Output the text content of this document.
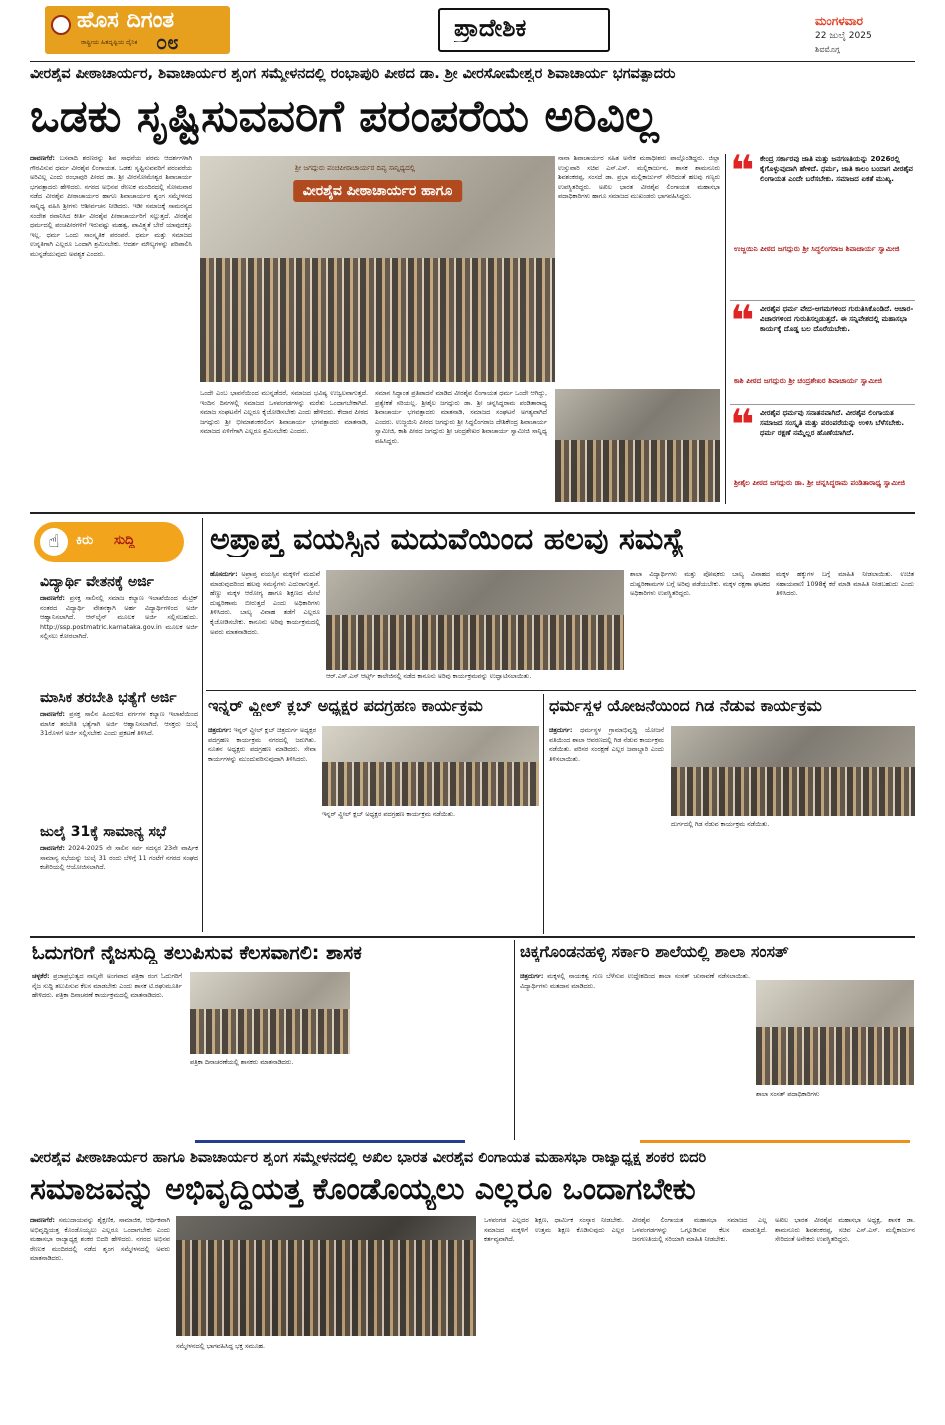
ಹೊಸ ದಿಗಂತ
ರಾಷ್ಟ್ರೀಯ ಹಿತದೃಷ್ಟಿಯ ದೈನಿಕ ೦೮	ಪ್ರಾದೇಶಿಕ	ಮಂಗಳವಾರ
22 ಜುಲೈ 2025
ಶಿವಮೊಗ್ಗ
ವೀರಶೈವ ಪೀಠಾಚಾರ್ಯರ, ಶಿವಾಚಾರ್ಯರ ಶೃಂಗ ಸಮ್ಮೇಳನದಲ್ಲಿ ರಂಭಾಪುರಿ ಪೀಠದ ಡಾ. ಶ್ರೀ ವೀರಸೋಮೇಶ್ವರ ಶಿವಾಚಾರ್ಯ ಭಗವತ್ಪಾದರು
ಒಡಕು ಸೃಷ್ಟಿಸುವವರಿಗೆ ಪರಂಪರೆಯ ಅರಿವಿಲ್ಲ
ದಾವಣಗೆರೆ: ಬಸವಾದಿ ಶರಣರನ್ನು ಶಿವ ಸಾಧನೆಯ ಪರಮ ಆದರ್ಶಗಳಾಗಿ ಗೌರವಿಸುವ ಧರ್ಮ ವೀರಶೈವ ಲಿಂಗಾಯತ. ಒಡಕು ಸೃಷ್ಟಿಸುವವರಿಗೆ ಪರಂಪರೆಯ ಅರಿವಿಲ್ಲ ಎಂದು ರಂಭಾಪುರಿ ಪೀಠದ ಡಾ. ಶ್ರೀ ವೀರಸೋಮೇಶ್ವರ ಶಿವಾಚಾರ್ಯ ಭಗವತ್ಪಾದರು ಹೇಳಿದರು. ನಗರದ ಅಭಿನವ ರೇಣುಕ ಮಂದಿರದಲ್ಲಿ ಸೋಮವಾರ ನಡೆದ ವೀರಶೈವ ಪೀಠಾಚಾರ್ಯರ ಹಾಗೂ ಶಿವಾಚಾರ್ಯರ ಶೃಂಗ ಸಮ್ಮೇಳನದ ಸಾನ್ನಿಧ್ಯ ವಹಿಸಿ ಶ್ರೀಗಳು ಆಶೀರ್ವಚನ ನೀಡಿದರು. ಇಡೀ ಸಮಾಜಕ್ಕೆ ಸಾಮರಸ್ಯದ ಸಂದೇಶ ರವಾನಿಸಿದ ಕೀರ್ತಿ ವೀರಶೈವ ಪೀಠಾಚಾರ್ಯರಿಗೆ ಸಲ್ಲುತ್ತದೆ. ವೀರಶೈವ ಧರ್ಮದಲ್ಲಿ ಪಂಚಪೀಠಗಳಿಗೆ ಇರುವಷ್ಟು ಮಹತ್ವ, ಪಾವಿತ್ರ್ಯತೆ ಬೇರೆ ಯಾವುದಕ್ಕೂ ಇಲ್ಲ. ಧರ್ಮ ಒಂದು ಸಾಂಸ್ಕೃತಿಕ ಪರಂಪರೆ. ಧರ್ಮ ಮತ್ತು ಸಮಾಜದ ಉನ್ನತಿಗಾಗಿ ಎಲ್ಲರೂ ಒಂದಾಗಿ ಶ್ರಮಿಸಬೇಕು. ಆದರ್ಶ ಮೌಲ್ಯಗಳನ್ನು ಪರಿಪಾಲಿಸಿ ಮುನ್ನಡೆಯುವುದು ಅವಶ್ಯಕ ಎಂದರು.
ಶ್ರೀ ಜಗದ್ಗುರು ಪಂಚಪೀಠಾಚಾರ್ಯರ ದಿವ್ಯ ಸಾನ್ನಿಧ್ಯದಲ್ಲಿ
ವೀರಶೈವ ಪೀಠಾಚಾರ್ಯರ ಹಾಗೂ
ಒಂದೇ ಎಂಬ ಭಾವನೆಯಿಂದ ಮುನ್ನಡೆದರೆ, ಸಮಾಜದ ಭವಿಷ್ಯ ಉಜ್ವಲವಾಗುತ್ತದೆ. ಇಂದಿನ ದಿನಗಳಲ್ಲಿ ಸಮಾಜದ ಒಳಪಂಗಡಗಳನ್ನು ಮರೆತು ಒಂದಾಗಬೇಕಾಗಿದೆ. ಸಮಾಜ ಸಂಘಟನೆಗೆ ಎಲ್ಲರೂ ಕೈಜೋಡಿಸಬೇಕು ಎಂದು ಹೇಳಿದರು. ಕೇದಾರ ಪೀಠದ ಜಗದ್ಗುರು ಶ್ರೀ ಭೀಮಾಶಂಕರಲಿಂಗ ಶಿವಾಚಾರ್ಯ ಭಗವತ್ಪಾದರು ಮಾತನಾಡಿ, ಸಮಾಜದ ಏಳಿಗೆಗಾಗಿ ಎಲ್ಲರೂ ಶ್ರಮಿಸಬೇಕು ಎಂದರು.
ಸಮಾನ ಸಿದ್ಧಾಂತ ಪ್ರತಿಪಾದನೆ ಮಾಡಿದ ವೀರಶೈವ ಲಿಂಗಾಯತ ಧರ್ಮ ಒಂದೇ ಆಗಿದ್ದು, ಪ್ರತ್ಯೇಕತೆ ಸರಿಯಲ್ಲ. ಶ್ರೀಶೈಲ ಜಗದ್ಗುರು ಡಾ. ಶ್ರೀ ಚನ್ನಸಿದ್ಧರಾಮ ಪಂಡಿತಾರಾಧ್ಯ ಶಿವಾಚಾರ್ಯ ಭಗವತ್ಪಾದರು ಮಾತನಾಡಿ, ಸಮಾಜದ ಸಂಘಟನೆ ಅಗತ್ಯವಾಗಿದೆ ಎಂದರು. ಉಜ್ಜಯಿನಿ ಪೀಠದ ಜಗದ್ಗುರು ಶ್ರೀ ಸಿದ್ಧಲಿಂಗರಾಜ ದೇಶಿಕೇಂದ್ರ ಶಿವಾಚಾರ್ಯ ಸ್ವಾಮೀಜಿ, ಕಾಶಿ ಪೀಠದ ಜಗದ್ಗುರು ಶ್ರೀ ಚಂದ್ರಶೇಖರ ಶಿವಾಚಾರ್ಯ ಸ್ವಾಮೀಜಿ ಸಾನ್ನಿಧ್ಯ ವಹಿಸಿದ್ದರು.
ನಾನಾ ಶಿವಾಚಾರ್ಯರ ಸಹಿತ ಅನೇಕ ಮಠಾಧೀಶರು ಪಾಲ್ಗೊಂಡಿದ್ದರು. ಜಿಲ್ಲಾ ಉಸ್ತುವಾರಿ ಸಚಿವ ಎಸ್.ಎಸ್. ಮಲ್ಲಿಕಾರ್ಜುನ, ಶಾಸಕ ಶಾಮನೂರು ಶಿವಶಂಕರಪ್ಪ, ಸಂಸದೆ ಡಾ. ಪ್ರಭಾ ಮಲ್ಲಿಕಾರ್ಜುನ್ ಸೇರಿದಂತೆ ಹಲವು ಗಣ್ಯರು ಉಪಸ್ಥಿತರಿದ್ದರು. ಅಖಿಲ ಭಾರತ ವೀರಶೈವ ಲಿಂಗಾಯತ ಮಹಾಸಭಾ ಪದಾಧಿಕಾರಿಗಳು ಹಾಗೂ ಸಮಾಜದ ಮುಖಂಡರು ಭಾಗವಹಿಸಿದ್ದರು.
❝ ಕೇಂದ್ರ ಸರ್ಕಾರವು ಜಾತಿ ಮತ್ತು ಜನಗಣತಿಯನ್ನು 2026ರಲ್ಲಿ ಕೈಗೊಳ್ಳುವುದಾಗಿ ಹೇಳಿದೆ. ಧರ್ಮ, ಜಾತಿ ಕಾಲಂ ಬಂದಾಗ ವೀರಶೈವ ಲಿಂಗಾಯತ ಎಂದೇ ಬರೆಸಬೇಕು. ಸಮಾಜದ ಏಕತೆ ಮುಖ್ಯ.
ಉಜ್ಜಯಿನಿ ಪೀಠದ ಜಗದ್ಗುರು ಶ್ರೀ ಸಿದ್ಧಲಿಂಗರಾಜ ಶಿವಾಚಾರ್ಯ ಸ್ವಾಮೀಜಿ
❝ ವೀರಶೈವ ಧರ್ಮ ವೇದ-ಆಗಮಗಳಿಂದ ಗುರುತಿಸಿಕೊಂಡಿದೆ. ಆಚಾರ-ವಿಚಾರಗಳಿಂದ ಗುರುತಿಸಲ್ಪಡುತ್ತದೆ. ಈ ಸನ್ನಿವೇಶದಲ್ಲಿ ಮಹಾಸಭಾ ಕಾರ್ಯಕ್ಕೆ ದೊಡ್ಡ ಬಲ ದೊರೆಯಬೇಕು.
ಕಾಶಿ ಪೀಠದ ಜಗದ್ಗುರು ಶ್ರೀ ಚಂದ್ರಶೇಖರ ಶಿವಾಚಾರ್ಯ ಸ್ವಾಮೀಜಿ
❝ ವೀರಶೈವ ಧರ್ಮವು ಸನಾತನವಾಗಿದೆ. ವೀರಶೈವ ಲಿಂಗಾಯತ ಸಮಾಜದ ಸಂಸ್ಕೃತಿ ಮತ್ತು ಪರಂಪರೆಯನ್ನು ಉಳಿಸಿ ಬೆಳೆಸಬೇಕು. ಧರ್ಮ ರಕ್ಷಣೆ ನಮ್ಮೆಲ್ಲರ ಹೊಣೆಯಾಗಿದೆ.
ಶ್ರೀಶೈಲ ಪೀಠದ ಜಗದ್ಗುರು ಡಾ. ಶ್ರೀ ಚನ್ನಸಿದ್ಧರಾಮ ಪಂಡಿತಾರಾಧ್ಯ ಸ್ವಾಮೀಜಿ
☝	ಕಿರು ಸುದ್ದಿ
ವಿದ್ಯಾರ್ಥಿ ವೇತನಕ್ಕೆ ಅರ್ಜಿ
ದಾವಣಗೆರೆ: ಪ್ರಸಕ್ತ ಸಾಲಿನಲ್ಲಿ ಸಮಾಜ ಕಲ್ಯಾಣ ಇಲಾಖೆಯಿಂದ ಮೆಟ್ರಿಕ್ ನಂತರದ ವಿದ್ಯಾರ್ಥಿ ವೇತನಕ್ಕಾಗಿ ಅರ್ಹ ವಿದ್ಯಾರ್ಥಿಗಳಿಂದ ಅರ್ಜಿ ಆಹ್ವಾನಿಸಲಾಗಿದೆ. ಆನ್‌ಲೈನ್ ಮೂಲಕ ಅರ್ಜಿ ಸಲ್ಲಿಸಬಹುದು. http://ssp.postmatric.karnataka.gov.in ಮೂಲಕ ಅರ್ಜಿ ಸಲ್ಲಿಸಲು ಕೋರಲಾಗಿದೆ.
ಮಾಸಿಕ ತರಬೇತಿ ಭತ್ಯೆಗೆ ಅರ್ಜಿ
ದಾವಣಗೆರೆ: ಪ್ರಸಕ್ತ ಸಾಲಿನ ಹಿಂದುಳಿದ ವರ್ಗಗಳ ಕಲ್ಯಾಣ ಇಲಾಖೆಯಿಂದ ಮಾಸಿಕ ತರಬೇತಿ ಭತ್ಯೆಗಾಗಿ ಅರ್ಜಿ ಆಹ್ವಾನಿಸಲಾಗಿದೆ. ಆಸಕ್ತರು ಜುಲೈ 31ರೊಳಗೆ ಅರ್ಜಿ ಸಲ್ಲಿಸಬೇಕು ಎಂದು ಪ್ರಕಟಣೆ ತಿಳಿಸಿದೆ.
ಜುಲೈ 31ಕ್ಕೆ ಸಾಮಾನ್ಯ ಸಭೆ
ದಾವಣಗೆರೆ: 2024-2025 ನೇ ಸಾಲಿನ ಸರ್ವ ಸದಸ್ಯರ 23ನೇ ವಾರ್ಷಿಕ ಸಾಮಾನ್ಯ ಸಭೆಯನ್ನು ಜುಲೈ 31 ರಂದು ಬೆಳಿಗ್ಗೆ 11 ಗಂಟೆಗೆ ನಗರದ ಸಂಘದ ಕಚೇರಿಯಲ್ಲಿ ಆಯೋಜಿಸಲಾಗಿದೆ.
ಅಪ್ರಾಪ್ತ ವಯಸ್ಸಿನ ಮದುವೆಯಿಂದ ಹಲವು ಸಮಸ್ಯೆ
ಹೊಸದುರ್ಗ: ಅಪ್ರಾಪ್ತ ವಯಸ್ಸಿನ ಮಕ್ಕಳಿಗೆ ಮದುವೆ ಮಾಡುವುದರಿಂದ ಹಲವು ಸಮಸ್ಯೆಗಳು ಎದುರಾಗುತ್ತವೆ. ಹೆಣ್ಣು ಮಕ್ಕಳ ಆರೋಗ್ಯ ಹಾಗೂ ಶಿಕ್ಷಣದ ಮೇಲೆ ದುಷ್ಪರಿಣಾಮ ಬೀರುತ್ತದೆ ಎಂದು ಅಧಿಕಾರಿಗಳು ತಿಳಿಸಿದರು. ಬಾಲ್ಯ ವಿವಾಹ ತಡೆಗೆ ಎಲ್ಲರೂ ಕೈಜೋಡಿಸಬೇಕು. ಕಾನೂನು ಅರಿವು ಕಾರ್ಯಕ್ರಮದಲ್ಲಿ ಅವರು ಮಾತನಾಡಿದರು.
ಆರ್.ಎಸ್.ಎಸ್ ಆರ್ಟ್ಸ್ ಕಾಲೇಜಿನಲ್ಲಿ ನಡೆದ ಕಾನೂನು ಅರಿವು ಕಾರ್ಯಕ್ರಮವನ್ನು ಉದ್ಘಾಟಿಸಲಾಯಿತು.
ಶಾಲಾ ವಿದ್ಯಾರ್ಥಿಗಳು ಮತ್ತು ಪೋಷಕರು ಬಾಲ್ಯ ವಿವಾಹದ ದುಷ್ಪರಿಣಾಮಗಳ ಬಗ್ಗೆ ಅರಿವು ಪಡೆಯಬೇಕು. ಮಕ್ಕಳ ರಕ್ಷಣಾ ಘಟಕದ ಅಧಿಕಾರಿಗಳು ಉಪಸ್ಥಿತರಿದ್ದರು.
ಮಕ್ಕಳ ಹಕ್ಕುಗಳ ಬಗ್ಗೆ ಮಾಹಿತಿ ನೀಡಲಾಯಿತು. ಉಚಿತ ಸಹಾಯವಾಣಿ 1098ಕ್ಕೆ ಕರೆ ಮಾಡಿ ಮಾಹಿತಿ ನೀಡಬಹುದು ಎಂದು ತಿಳಿಸಿದರು.
ಇನ್ನರ್ ವ್ಹೀಲ್ ಕ್ಲಬ್ ಅಧ್ಯಕ್ಷರ ಪದಗ್ರಹಣ ಕಾರ್ಯಕ್ರಮ
ಚಿತ್ರದುರ್ಗ: ಇನ್ನರ್ ವ್ಹೀಲ್ ಕ್ಲಬ್ ಚಿತ್ರದುರ್ಗ ಅಧ್ಯಕ್ಷರ ಪದಗ್ರಹಣ ಕಾರ್ಯಕ್ರಮ ನಗರದಲ್ಲಿ ಜರುಗಿತು. ನೂತನ ಅಧ್ಯಕ್ಷರು ಪದಗ್ರಹಣ ಮಾಡಿದರು. ಸೇವಾ ಕಾರ್ಯಗಳನ್ನು ಮುಂದುವರಿಸುವುದಾಗಿ ತಿಳಿಸಿದರು.
ಇನ್ನರ್ ವ್ಹೀಲ್ ಕ್ಲಬ್ ಅಧ್ಯಕ್ಷರ ಪದಗ್ರಹಣ ಕಾರ್ಯಕ್ರಮ ನಡೆಯಿತು.
ಧರ್ಮಸ್ಥಳ ಯೋಜನೆಯಿಂದ ಗಿಡ ನೆಡುವ ಕಾರ್ಯಕ್ರಮ
ಚಿತ್ರದುರ್ಗ: ಧರ್ಮಸ್ಥಳ ಗ್ರಾಮಾಭಿವೃದ್ಧಿ ಯೋಜನೆ ವತಿಯಿಂದ ಶಾಲಾ ಆವರಣದಲ್ಲಿ ಗಿಡ ನೆಡುವ ಕಾರ್ಯಕ್ರಮ ನಡೆಯಿತು. ಪರಿಸರ ಸಂರಕ್ಷಣೆ ಎಲ್ಲರ ಜವಾಬ್ದಾರಿ ಎಂದು ತಿಳಿಸಲಾಯಿತು.
ದುರ್ಗದಲ್ಲಿ ಗಿಡ ನೆಡುವ ಕಾರ್ಯಕ್ರಮ ನಡೆಯಿತು.
ಓದುಗರಿಗೆ ನೈಜಸುದ್ದಿ ತಲುಪಿಸುವ ಕೆಲಸವಾಗಲಿ: ಶಾಸಕ
ಚಳ್ಳಕೆರೆ: ಪ್ರಜಾಪ್ರಭುತ್ವದ ನಾಲ್ಕನೇ ಅಂಗವಾದ ಪತ್ರಿಕಾ ರಂಗ ಓದುಗರಿಗೆ ನೈಜ ಸುದ್ದಿ ತಲುಪಿಸುವ ಕೆಲಸ ಮಾಡಬೇಕು ಎಂದು ಶಾಸಕ ಟಿ.ರಘುಮೂರ್ತಿ ಹೇಳಿದರು. ಪತ್ರಿಕಾ ದಿನಾಚರಣೆ ಕಾರ್ಯಕ್ರಮದಲ್ಲಿ ಮಾತನಾಡಿದರು.
ಪತ್ರಿಕಾ ದಿನಾಚರಣೆಯಲ್ಲಿ ಶಾಸಕರು ಮಾತನಾಡಿದರು.
ಚಿಕ್ಕಗೊಂಡನಹಳ್ಳಿ ಸರ್ಕಾರಿ ಶಾಲೆಯಲ್ಲಿ ಶಾಲಾ ಸಂಸತ್
ಚಿತ್ರದುರ್ಗ: ಮಕ್ಕಳಲ್ಲಿ ನಾಯಕತ್ವ ಗುಣ ಬೆಳೆಸುವ ಉದ್ದೇಶದಿಂದ ಶಾಲಾ ಸಂಸತ್ ಚುನಾವಣೆ ನಡೆಸಲಾಯಿತು. ವಿದ್ಯಾರ್ಥಿಗಳು ಮತದಾನ ಮಾಡಿದರು.
ಶಾಲಾ ಸಂಸತ್ ಪದಾಧಿಕಾರಿಗಳು
ವೀರಶೈವ ಪೀಠಾಚಾರ್ಯರ ಹಾಗೂ ಶಿವಾಚಾರ್ಯರ ಶೃಂಗ ಸಮ್ಮೇಳನದಲ್ಲಿ ಅಖಿಲ ಭಾರತ ವೀರಶೈವ ಲಿಂಗಾಯತ ಮಹಾಸಭಾ ರಾಜ್ಯಾಧ್ಯಕ್ಷ ಶಂಕರ ಬಿದರಿ
ಸಮಾಜವನ್ನು ಅಭಿವೃದ್ಧಿಯತ್ತ ಕೊಂಡೊಯ್ಯಲು ಎಲ್ಲರೂ ಒಂದಾಗಬೇಕು
ದಾವಣಗೆರೆ: ಸಮುದಾಯವನ್ನು ಶೈಕ್ಷಣಿಕ, ಸಾಮಾಜಿಕ, ಆರ್ಥಿಕವಾಗಿ ಅಭಿವೃದ್ಧಿಯತ್ತ ಕೊಂಡೊಯ್ಯಲು ಎಲ್ಲರೂ ಒಂದಾಗಬೇಕು ಎಂದು ಮಹಾಸಭಾ ರಾಜ್ಯಾಧ್ಯಕ್ಷ ಶಂಕರ ಬಿದರಿ ಹೇಳಿದರು. ನಗರದ ಅಭಿನವ ರೇಣುಕ ಮಂದಿರದಲ್ಲಿ ನಡೆದ ಶೃಂಗ ಸಮ್ಮೇಳನದಲ್ಲಿ ಅವರು ಮಾತನಾಡಿದರು.
ಸಮ್ಮೇಳನದಲ್ಲಿ ಭಾಗವಹಿಸಿದ್ದ ಭಕ್ತ ಸಮೂಹ.
ಒಳಪಂಗಡ ಎಲ್ಲದರ ಶಿಕ್ಷಣ, ಧಾರ್ಮಿಕ ಸಂಸ್ಕಾರ ನೀಡಬೇಕು. ಸಮಾಜದ ಮಕ್ಕಳಿಗೆ ಉತ್ತಮ ಶಿಕ್ಷಣ ಕೊಡಿಸುವುದು ಎಲ್ಲರ ಕರ್ತವ್ಯವಾಗಿದೆ.
ವೀರಶೈವ ಲಿಂಗಾಯತ ಮಹಾಸಭಾ ಸಮಾಜದ ಎಲ್ಲ ಒಳಪಂಗಡಗಳನ್ನು ಒಗ್ಗೂಡಿಸುವ ಕೆಲಸ ಮಾಡುತ್ತಿದೆ. ಜನಗಣತಿಯಲ್ಲಿ ಸರಿಯಾಗಿ ಮಾಹಿತಿ ನೀಡಬೇಕು.
ಅಖಿಲ ಭಾರತ ವೀರಶೈವ ಮಹಾಸಭಾ ಅಧ್ಯಕ್ಷ, ಶಾಸಕ ಡಾ. ಶಾಮನೂರು ಶಿವಶಂಕರಪ್ಪ, ಸಚಿವ ಎಸ್.ಎಸ್. ಮಲ್ಲಿಕಾರ್ಜುನ ಸೇರಿದಂತೆ ಅನೇಕರು ಉಪಸ್ಥಿತರಿದ್ದರು.
